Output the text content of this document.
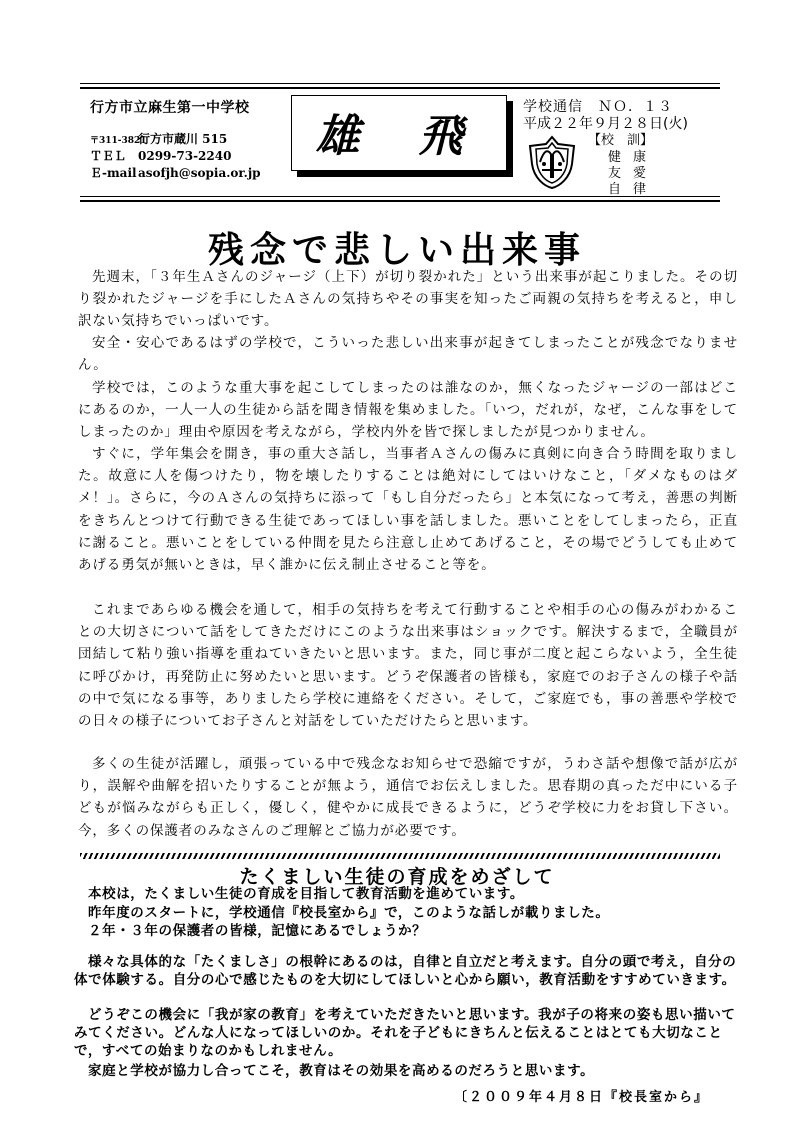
行方市立麻生第一中学校
〒311-3821行方市蔵川 515
ＴＥＬ 0299-73-2240
Ｅ-mailasofjh@sopia.or.jp
雄 飛
学校通信　ＮＯ．１３
平成２２年９月２８日(火)
【校　訓】
健康
友愛
自律
残念で悲しい出来事
先週末，「３年生Ａさんのジャージ（上下）が切り裂かれた」という出来事が起こりました。その切り裂かれたジャージを手にしたＡさんの気持ちやその事実を知ったご両親の気持ちを考えると，申し訳ない気持ちでいっぱいです。
安全・安心であるはずの学校で，こういった悲しい出来事が起きてしまったことが残念でなりません。
学校では，このような重大事を起こしてしまったのは誰なのか，無くなったジャージの一部はどこにあるのか，一人一人の生徒から話を聞き情報を集めました。「いつ，だれが，なぜ，こんな事をしてしまったのか」理由や原因を考えながら，学校内外を皆で探しましたが見つかりません。
すぐに，学年集会を開き，事の重大さ話し，当事者Ａさんの傷みに真剣に向き合う時間を取りました。故意に人を傷つけたり，物を壊したりすることは絶対にしてはいけなこと，「ダメなものはダメ！」。さらに，今のＡさんの気持ちに添って「もし自分だったら」と本気になって考え，善悪の判断をきちんとつけて行動できる生徒であってほしい事を話しました。悪いことをしてしまったら，正直に謝ること。悪いことをしている仲間を見たら注意し止めてあげること，その場でどうしても止めてあげる勇気が無いときは，早く誰かに伝え制止させること等を。
これまであらゆる機会を通して，相手の気持ちを考えて行動することや相手の心の傷みがわかることの大切さについて話をしてきただけにこのような出来事はショックです。解決するまで，全職員が団結して粘り強い指導を重ねていきたいと思います。また，同じ事が二度と起こらないよう，全生徒に呼びかけ，再発防止に努めたいと思います。どうぞ保護者の皆様も，家庭でのお子さんの様子や話の中で気になる事等，ありましたら学校に連絡をください。そして，ご家庭でも，事の善悪や学校での日々の様子についてお子さんと対話をしていただけたらと思います。
多くの生徒が活躍し，頑張っている中で残念なお知らせで恐縮ですが，うわさ話や想像で話が広がり，誤解や曲解を招いたりすることが無よう，通信でお伝えしました。思春期の真っただ中にいる子どもが悩みながらも正しく，優しく，健やかに成長できるように，どうぞ学校に力をお貸し下さい。今，多くの保護者のみなさんのご理解とご協力が必要です。
たくましい生徒の育成をめざして
本校は，たくましい生徒の育成を目指して教育活動を進めています。
昨年度のスタートに，学校通信『校長室から』で，このような話しが載りました。
２年・３年の保護者の皆様，記憶にあるでしょうか？
様々な具体的な「たくましさ」の根幹にあるのは，自律と自立だと考えます。自分の頭で考え，自分の体で体験する。自分の心で感じたものを大切にしてほしいと心から願い，教育活動をすすめていきます。
どうぞこの機会に「我が家の教育」を考えていただきたいと思います。我が子の将来の姿も思い描いてみてください。どんな人になってほしいのか。それを子どもにきちんと伝えることはとても大切なことで，すべての始まりなのかもしれません。
家庭と学校が協力し合ってこそ，教育はその効果を高めるのだろうと思います。
〔２００９年４月８日『校長室から』
